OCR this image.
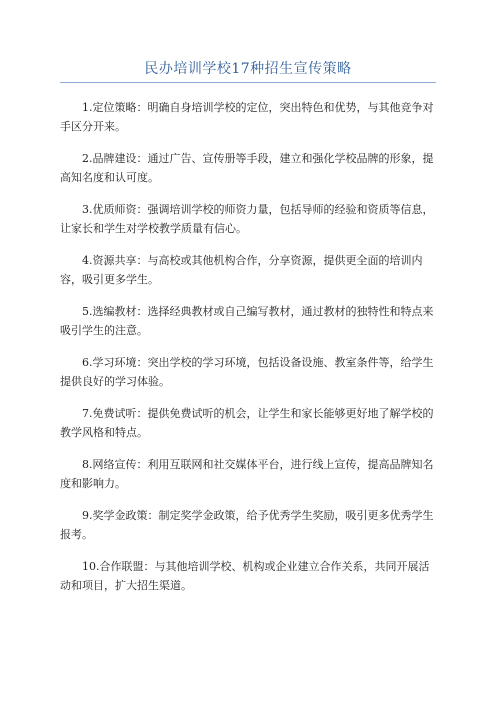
民办培训学校17种招生宣传策略

1.定位策略：明确自身培训学校的定位，突出特色和优势，与其他竞争对手区分开来。

2.品牌建设：通过广告、宣传册等手段，建立和强化学校品牌的形象，提高知名度和认可度。

3.优质师资：强调培训学校的师资力量，包括导师的经验和资质等信息，让家长和学生对学校教学质量有信心。

4.资源共享：与高校或其他机构合作，分享资源，提供更全面的培训内容，吸引更多学生。

5.选编教材：选择经典教材或自己编写教材，通过教材的独特性和特点来吸引学生的注意。

6.学习环境：突出学校的学习环境，包括设备设施、教室条件等，给学生提供良好的学习体验。

7.免费试听：提供免费试听的机会，让学生和家长能够更好地了解学校的教学风格和特点。

8.网络宣传：利用互联网和社交媒体平台，进行线上宣传，提高品牌知名度和影响力。

9.奖学金政策：制定奖学金政策，给予优秀学生奖励，吸引更多优秀学生报考。

10.合作联盟：与其他培训学校、机构或企业建立合作关系，共同开展活动和项目，扩大招生渠道。
